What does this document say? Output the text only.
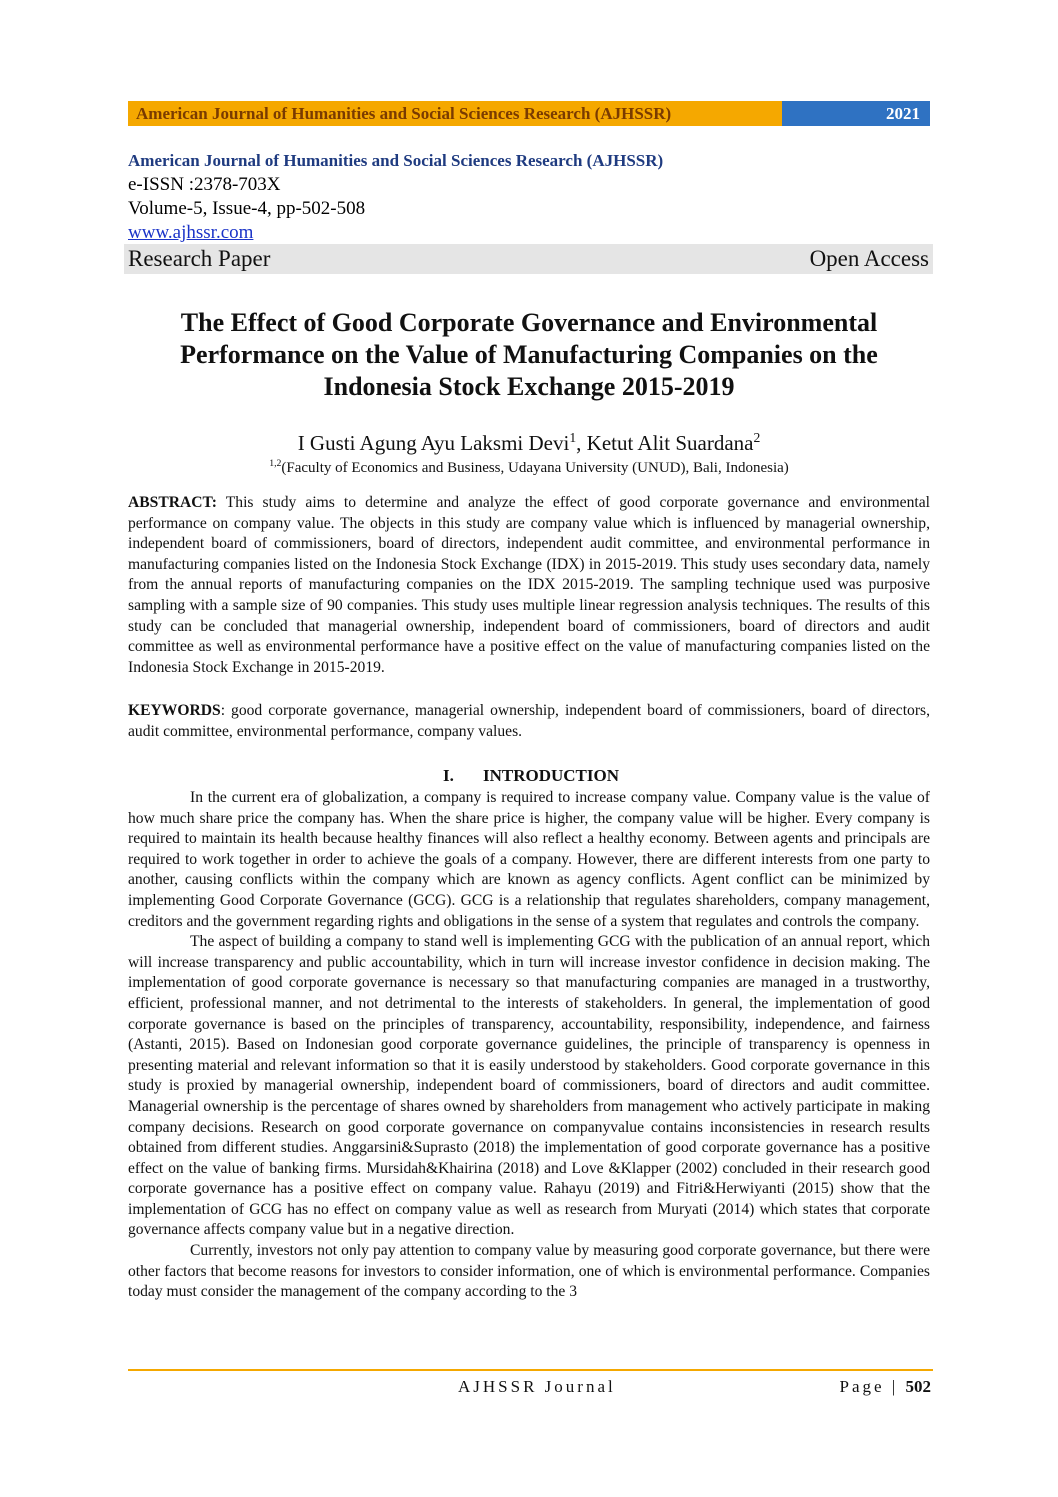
American Journal of Humanities and Social Sciences Research (AJHSSR)	2021
American Journal of Humanities and Social Sciences Research (AJHSSR)
e-ISSN :2378-703X
Volume-5, Issue-4, pp-502-508
www.ajhssr.com
Research Paper	Open Access
The Effect of Good Corporate Governance and Environmental Performance on the Value of Manufacturing Companies on the Indonesia Stock Exchange 2015-2019
I Gusti Agung Ayu Laksmi Devi$^1$, Ketut Alit Suardana$^2$
$^{1,2}$(Faculty of Economics and Business, Udayana University (UNUD), Bali, Indonesia)
ABSTRACT: This study aims to determine and analyze the effect of good corporate governance and environmental performance on company value. The objects in this study are company value which is influenced by managerial ownership, independent board of commissioners, board of directors, independent audit committee, and environmental performance in manufacturing companies listed on the Indonesia Stock Exchange (IDX) in 2015-2019. This study uses secondary data, namely from the annual reports of manufacturing companies on the IDX 2015-2019. The sampling technique used was purposive sampling with a sample size of 90 companies. This study uses multiple linear regression analysis techniques. The results of this study can be concluded that managerial ownership, independent board of commissioners, board of directors and audit committee as well as environmental performance have a positive effect on the value of manufacturing companies listed on the Indonesia Stock Exchange in 2015-2019.
KEYWORDS: good corporate governance, managerial ownership, independent board of commissioners, board of directors, audit committee, environmental performance, company values.
I. INTRODUCTION

In the current era of globalization, a company is required to increase company value. Company value is the value of how much share price the company has. When the share price is higher, the company value will be higher. Every company is required to maintain its health because healthy finances will also reflect a healthy economy. Between agents and principals are required to work together in order to achieve the goals of a company. However, there are different interests from one party to another, causing conflicts within the company which are known as agency conflicts. Agent conflict can be minimized by implementing Good Corporate Governance (GCG). GCG is a relationship that regulates shareholders, company management, creditors and the government regarding rights and obligations in the sense of a system that regulates and controls the company.

The aspect of building a company to stand well is implementing GCG with the publication of an annual report, which will increase transparency and public accountability, which in turn will increase investor confidence in decision making. The implementation of good corporate governance is necessary so that manufacturing companies are managed in a trustworthy, efficient, professional manner, and not detrimental to the interests of stakeholders. In general, the implementation of good corporate governance is based on the principles of transparency, accountability, responsibility, independence, and fairness (Astanti, 2015). Based on Indonesian good corporate governance guidelines, the principle of transparency is openness in presenting material and relevant information so that it is easily understood by stakeholders. Good corporate governance in this study is proxied by managerial ownership, independent board of commissioners, board of directors and audit committee. Managerial ownership is the percentage of shares owned by shareholders from management who actively participate in making company decisions. Research on good corporate governance on companyvalue contains inconsistencies in research results obtained from different studies. Anggarsini&Suprasto (2018) the implementation of good corporate governance has a positive effect on the value of banking firms. Mursidah&Khairina (2018) and Love &Klapper (2002) concluded in their research good corporate governance has a positive effect on company value. Rahayu (2019) and Fitri&Herwiyanti (2015) show that the implementation of GCG has no effect on company value as well as research from Muryati (2014) which states that corporate governance affects company value but in a negative direction.

Currently, investors not only pay attention to company value by measuring good corporate governance, but there were other factors that become reasons for investors to consider information, one of which is environmental performance. Companies today must consider the management of the company according to the 3

AJHSSR Journal	Page | 502
